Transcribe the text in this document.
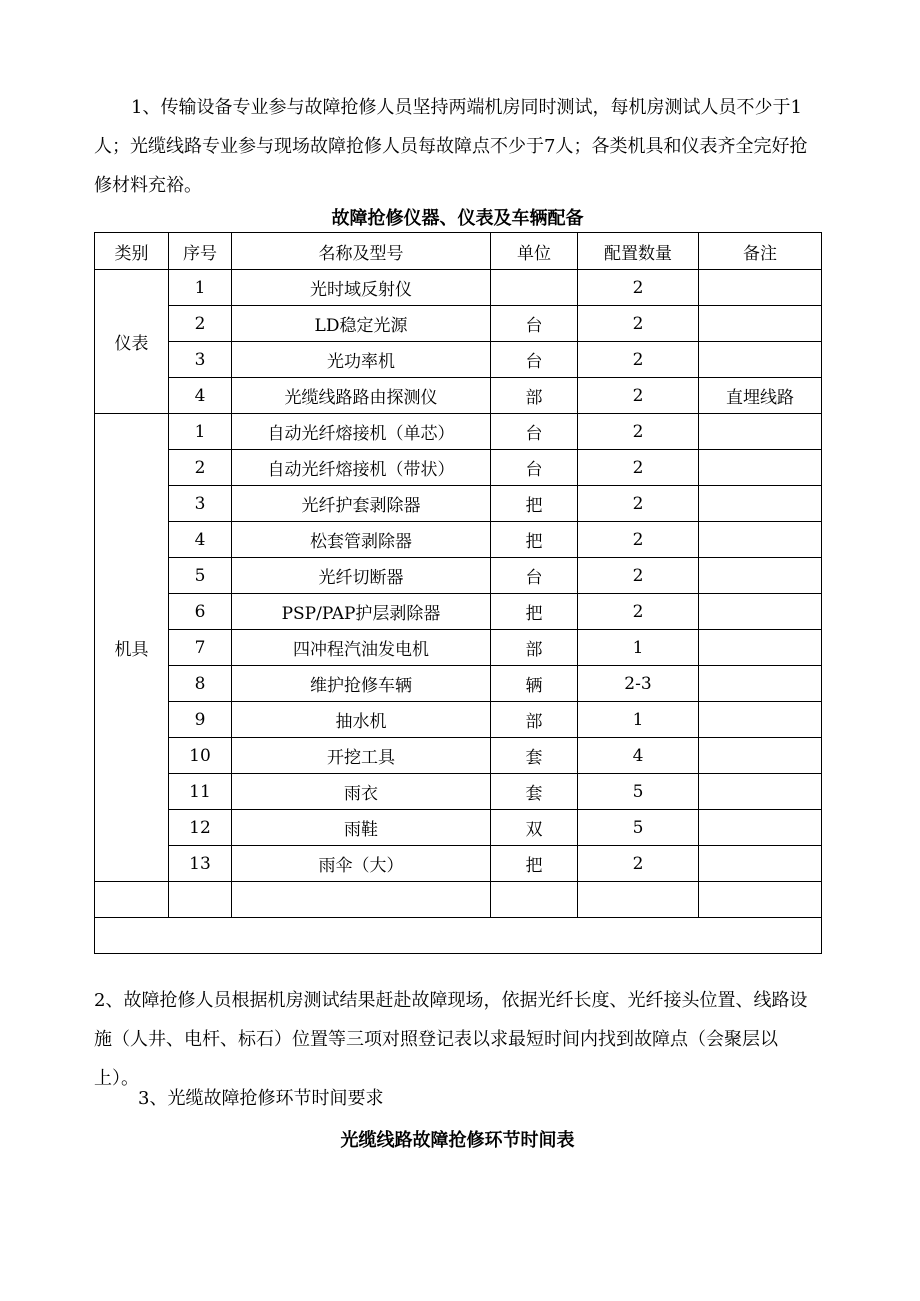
1、传输设备专业参与故障抢修人员坚持两端机房同时测试，每机房测试人员不少于1人；光缆线路专业参与现场故障抢修人员每故障点不少于7人；各类机具和仪表齐全完好抢修材料充裕。

故障抢修仪器、仪表及车辆配备

类别	序号	名称及型号	单位	配置数量	备注
仪表	1	光时域反射仪		2	
	2	LD稳定光源	台	2	
	3	光功率机	台	2	
	4	光缆线路路由探测仪	部	2	直埋线路
机具	1	自动光纤熔接机（单芯）	台	2	
	2	自动光纤熔接机（带状）	台	2	
	3	光纤护套剥除器	把	2	
	4	松套管剥除器	把	2	
	5	光纤切断器	台	2	
	6	PSP/PAP护层剥除器	把	2	
	7	四冲程汽油发电机	部	1	
	8	维护抢修车辆	辆	2-3	
	9	抽水机	部	1	
	10	开挖工具	套	4	
	11	雨衣	套	5	
	12	雨鞋	双	5	
	13	雨伞（大）	把	2	

2、故障抢修人员根据机房测试结果赶赴故障现场，依据光纤长度、光纤接头位置、线路设施（人井、电杆、标石）位置等三项对照登记表以求最短时间内找到故障点（会聚层以上）。

3、光缆故障抢修环节时间要求

光缆线路故障抢修环节时间表
